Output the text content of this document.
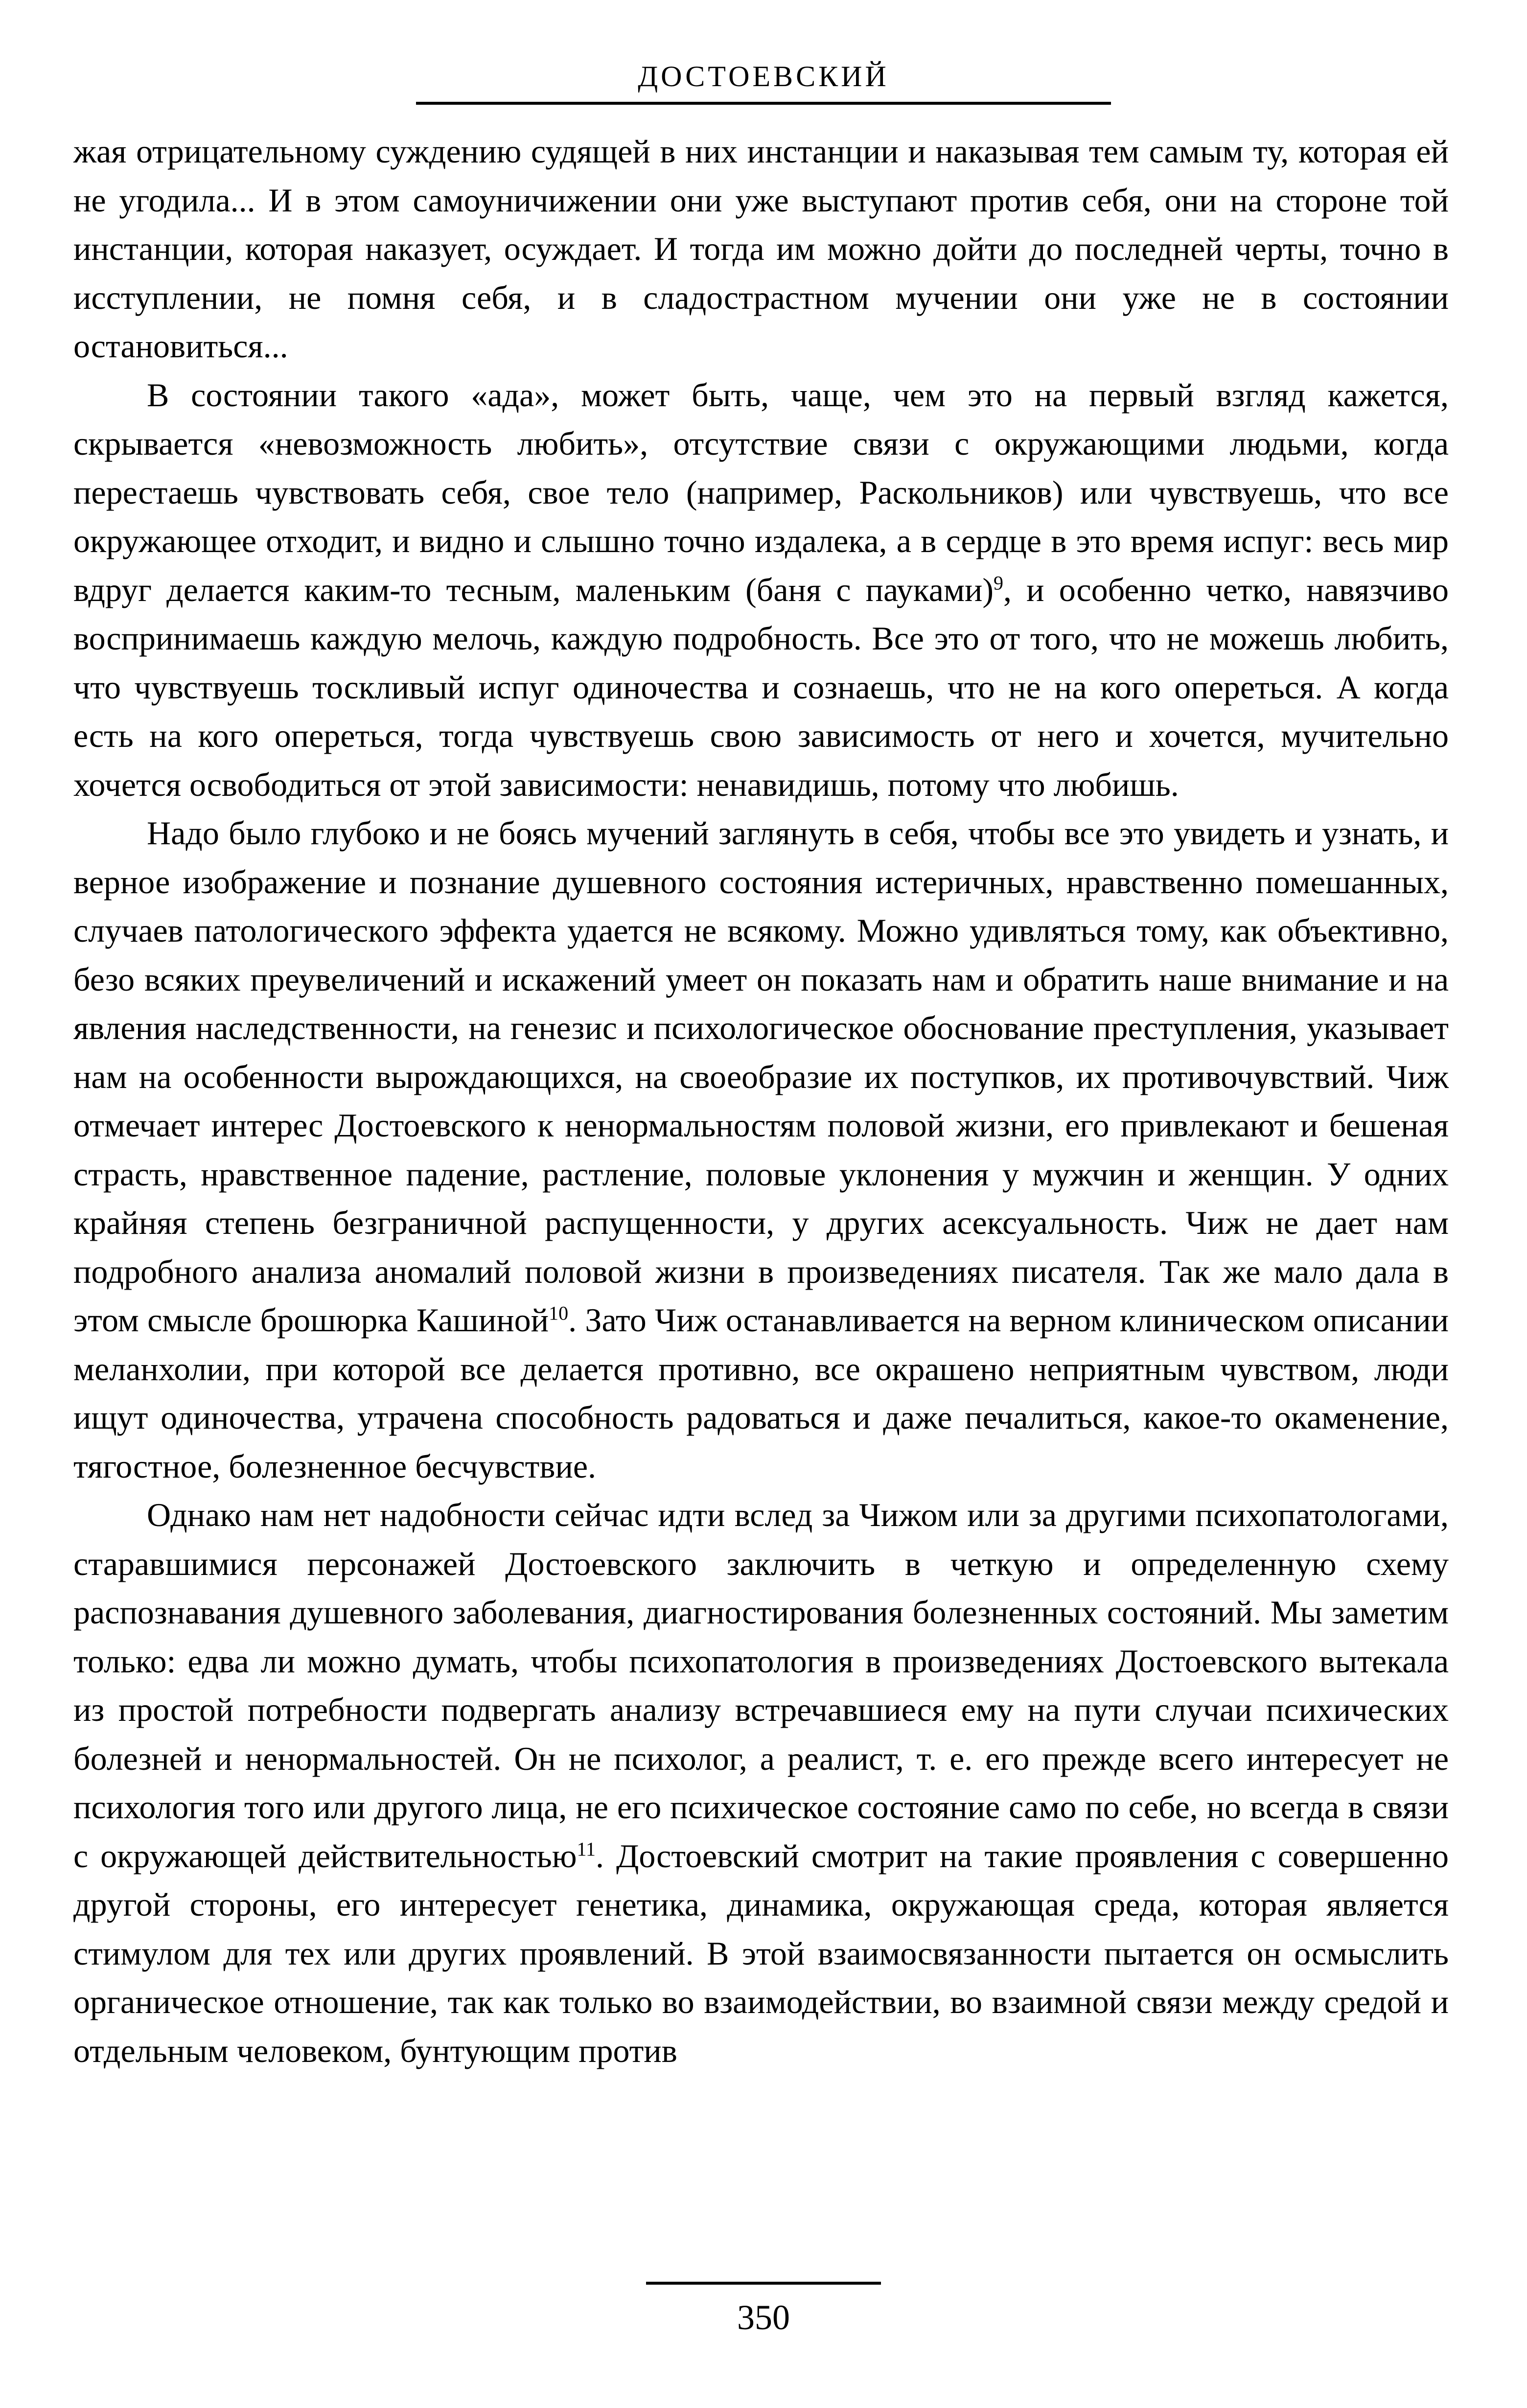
ДОСТОЕВСКИЙ

жая отрицательному суждению судящей в них инстанции и наказывая тем самым ту, которая ей не угодила... И в этом самоуничижении они уже выступают против себя, они на стороне той инстанции, которая наказует, осуждает. И тогда им можно дойти до последней черты, точно в исступлении, не помня себя, и в сладострастном мучении они уже не в состоянии остановиться...

В состоянии такого «ада», может быть, чаще, чем это на первый взгляд кажется, скрывается «невозможность любить», отсутствие связи с окружающими людьми, когда перестаешь чувствовать себя, свое тело (например, Раскольников) или чувствуешь, что все окружающее отходит, и видно и слышно точно издалека, а в сердце в это время испуг: весь мир вдруг делается каким-то тесным, маленьким (баня с пауками)$^9$, и особенно четко, навязчиво воспринимаешь каждую мелочь, каждую подробность. Все это от того, что не можешь любить, что чувствуешь тоскливый испуг одиночества и сознаешь, что не на кого опереться. А когда есть на кого опереться, тогда чувствуешь свою зависимость от него и хочется, мучительно хочется освободиться от этой зависимости: ненавидишь, потому что любишь.

Надо было глубоко и не боясь мучений заглянуть в себя, чтобы все это увидеть и узнать, и верное изображение и познание душевного состояния истеричных, нравственно помешанных, случаев патологического эффекта удается не всякому. Можно удивляться тому, как объективно, безо всяких преувеличений и искажений умеет он показать нам и обратить наше внимание и на явления наследственности, на генезис и психологическое обоснование преступления, указывает нам на особенности вырождающихся, на своеобразие их поступков, их противочувствий. Чиж отмечает интерес Достоевского к ненормальностям половой жизни, его привлекают и бешеная страсть, нравственное падение, растление, половые уклонения у мужчин и женщин. У одних крайняя степень безграничной распущенности, у других асексуальность. Чиж не дает нам подробного анализа аномалий половой жизни в произведениях писателя. Так же мало дала в этом смысле брошюрка Кашиной$^{10}$. Зато Чиж останавливается на верном клиническом описании меланхолии, при которой все делается противно, все окрашено неприятным чувством, люди ищут одиночества, утрачена способность радоваться и даже печалиться, какое-то окаменение, тягостное, болезненное бесчувствие.

Однако нам нет надобности сейчас идти вслед за Чижом или за другими психопатологами, старавшимися персонажей Достоевского заключить в четкую и определенную схему распознавания душевного заболевания, диагностирования болезненных состояний. Мы заметим только: едва ли можно думать, чтобы психопатология в произведениях Достоевского вытекала из простой потребности подвергать анализу встречавшиеся ему на пути случаи психических болезней и ненормальностей. Он не психолог, а реалист, т. е. его прежде всего интересует не психология того или другого лица, не его психическое состояние само по себе, но всегда в связи с окружающей действительностью$^{11}$. Достоевский смотрит на такие проявления с совершенно другой стороны, его интересует генетика, динамика, окружающая среда, которая является стимулом для тех или других проявлений. В этой взаимосвязанности пытается он осмыслить органическое отношение, так как только во взаимодействии, во взаимной связи между средой и отдельным человеком, бунтующим против

350
